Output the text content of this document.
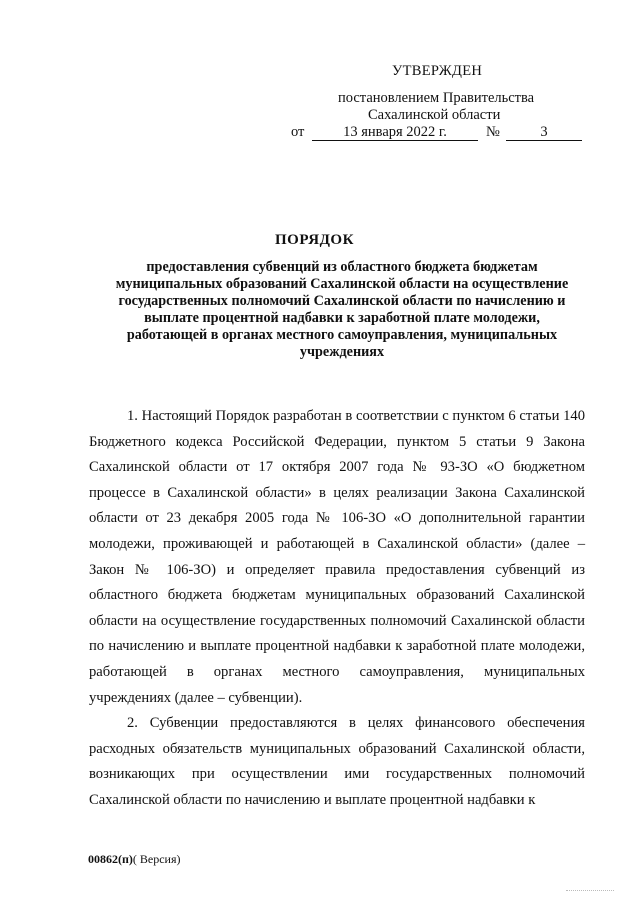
УТВЕРЖДЕН
постановлением Правительства
Сахалинской области
от	13 января 2022 г.	№	3
ПОРЯДОК
предоставления субвенций из областного бюджета бюджетам муниципальных образований Сахалинской области на осуществление государственных полномочий Сахалинской области по начислению и выплате процентной надбавки к заработной плате молодежи, работающей в органах местного самоуправления, муниципальных учреждениях

1. Настоящий Порядок разработан в соответствии с пунктом 6 статьи 140 Бюджетного кодекса Российской Федерации, пунктом 5 статьи 9 Закона Сахалинской области от 17 октября 2007 года № 93-ЗО «О бюджетном процессе в Сахалинской области» в целях реализации Закона Сахалинской области от 23 декабря 2005 года № 106-ЗО «О дополнительной гарантии молодежи, проживающей и работающей в Сахалинской области» (далее – Закон № 106-ЗО) и определяет правила предоставления субвенций из областного бюджета бюджетам муниципальных образований Сахалинской области на осуществление государственных полномочий Сахалинской области по начислению и выплате процентной надбавки к заработной плате молодежи, работающей в органах местного самоуправления, муниципальных учреждениях (далее – субвенции).

2. Субвенции предоставляются в целях финансового обеспечения расходных обязательств муниципальных образований Сахалинской области, возникающих при осуществлении ими государственных полномочий Сахалинской области по начислению и выплате процентной надбавки к

00862(п)( Версия)
